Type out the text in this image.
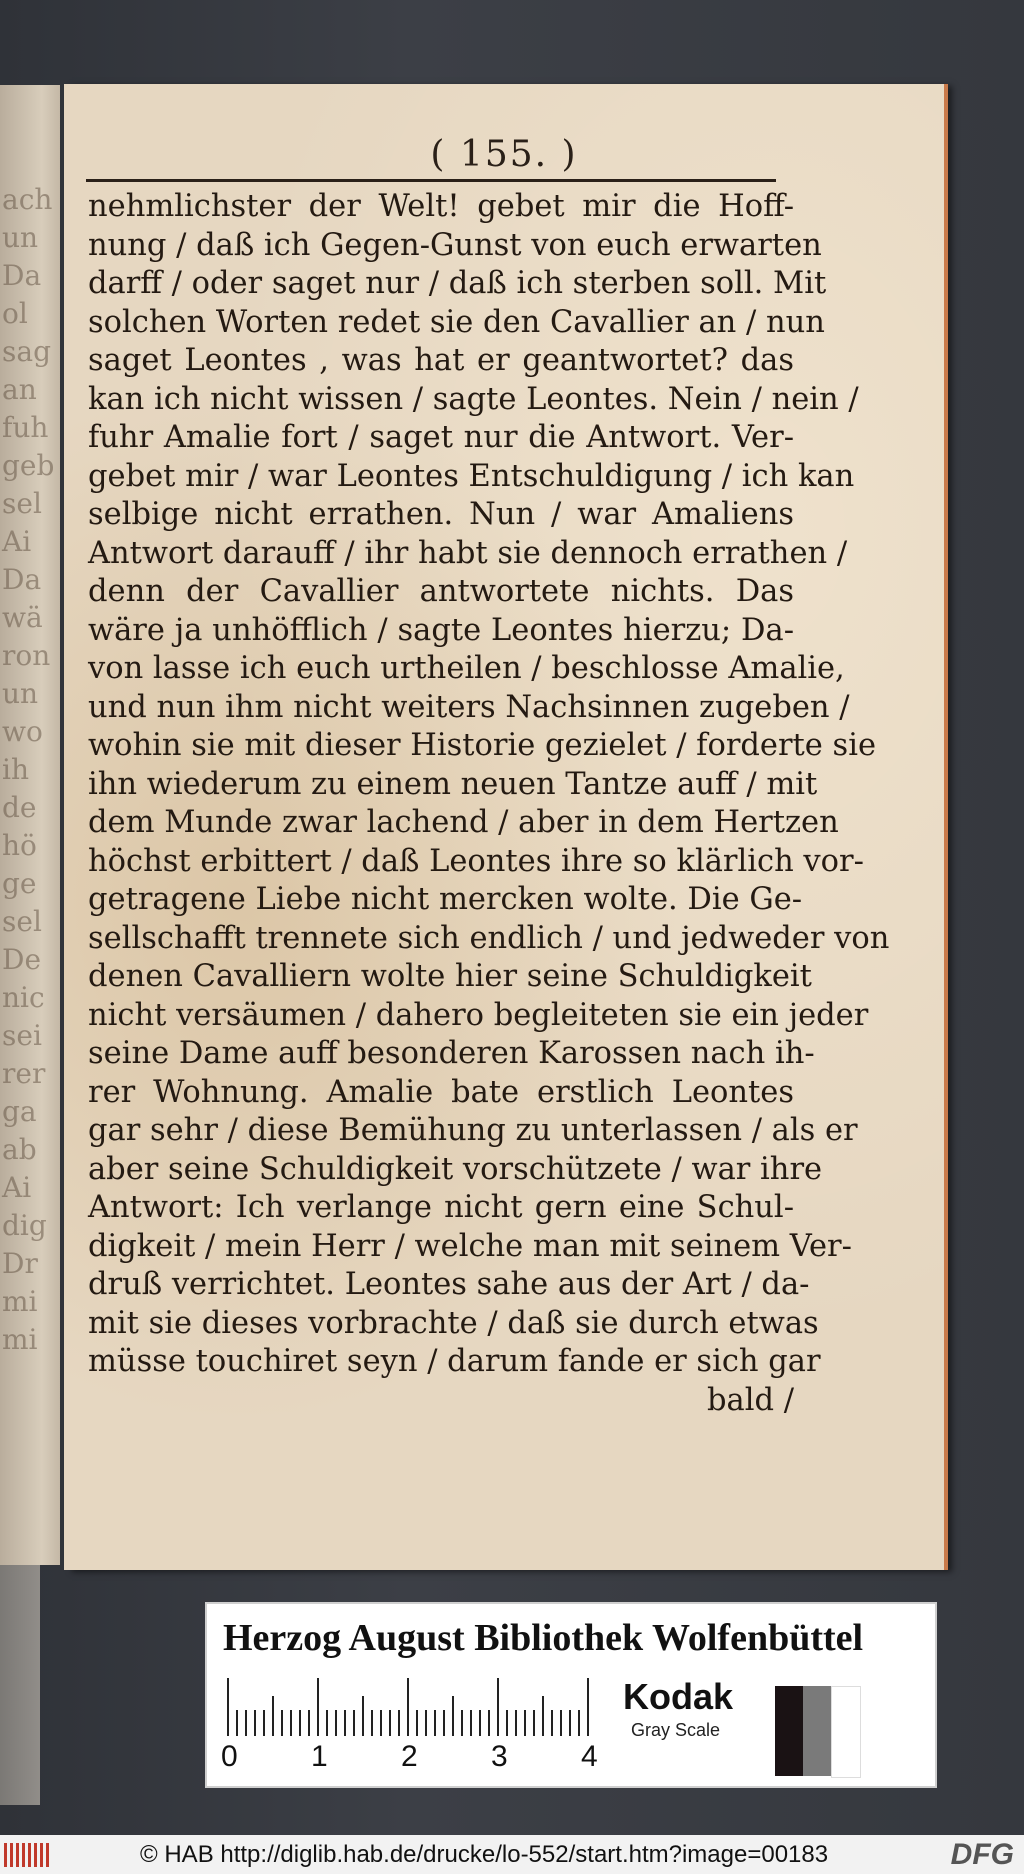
ach
un
Da
ol
sag
an
fuh
geb
sel
Ai
Da
wä
ron
un
wo
ih
de
hö
ge
sel
De
nic
sei
rer
ga
ab
Ai
dig
Dr
mi
mi
( 155. )
nehmlichster der Welt! gebet mir die Hoff-
nung / daß ich Gegen-Gunst von euch erwarten
darff / oder saget nur / daß ich sterben soll. Mit
solchen Worten redet sie den Cavallier an / nun
saget Leontes , was hat er geantwortet? das
kan ich nicht wissen / sagte Leontes. Nein / nein /
fuhr Amalie fort / saget nur die Antwort. Ver-
gebet mir / war Leontes Entschuldigung / ich kan
selbige nicht errathen. Nun / war Amaliens
Antwort darauff / ihr habt sie dennoch errathen /
denn der Cavallier antwortete nichts. Das
wäre ja unhöfflich / sagte Leontes hierzu; Da-
von lasse ich euch urtheilen / beschlosse Amalie,
und nun ihm nicht weiters Nachsinnen zugeben /
wohin sie mit dieser Historie gezielet / forderte sie
ihn wiederum zu einem neuen Tantze auff / mit
dem Munde zwar lachend / aber in dem Hertzen
höchst erbittert / daß Leontes ihre so klärlich vor-
getragene Liebe nicht mercken wolte. Die Ge-
sellschafft trennete sich endlich / und jedweder von
denen Cavalliern wolte hier seine Schuldigkeit
nicht versäumen / dahero begleiteten sie ein jeder
seine Dame auff besonderen Karossen nach ih-
rer Wohnung. Amalie bate erstlich Leontes
gar sehr / diese Bemühung zu unterlassen / als er
aber seine Schuldigkeit vorschützete / war ihre
Antwort: Ich verlange nicht gern eine Schul-
digkeit / mein Herr / welche man mit seinem Ver-
druß verrichtet. Leontes sahe aus der Art / da-
mit sie dieses vorbrachte / daß sie durch etwas
müsse touchiret seyn / darum fande er sich gar
bald /
Herzog August Bibliothek Wolfenbüttel
0 1 2 3 4
Kodak
Gray Scale
© HAB http://diglib.hab.de/drucke/lo-552/start.htm?image=00183	DFG
